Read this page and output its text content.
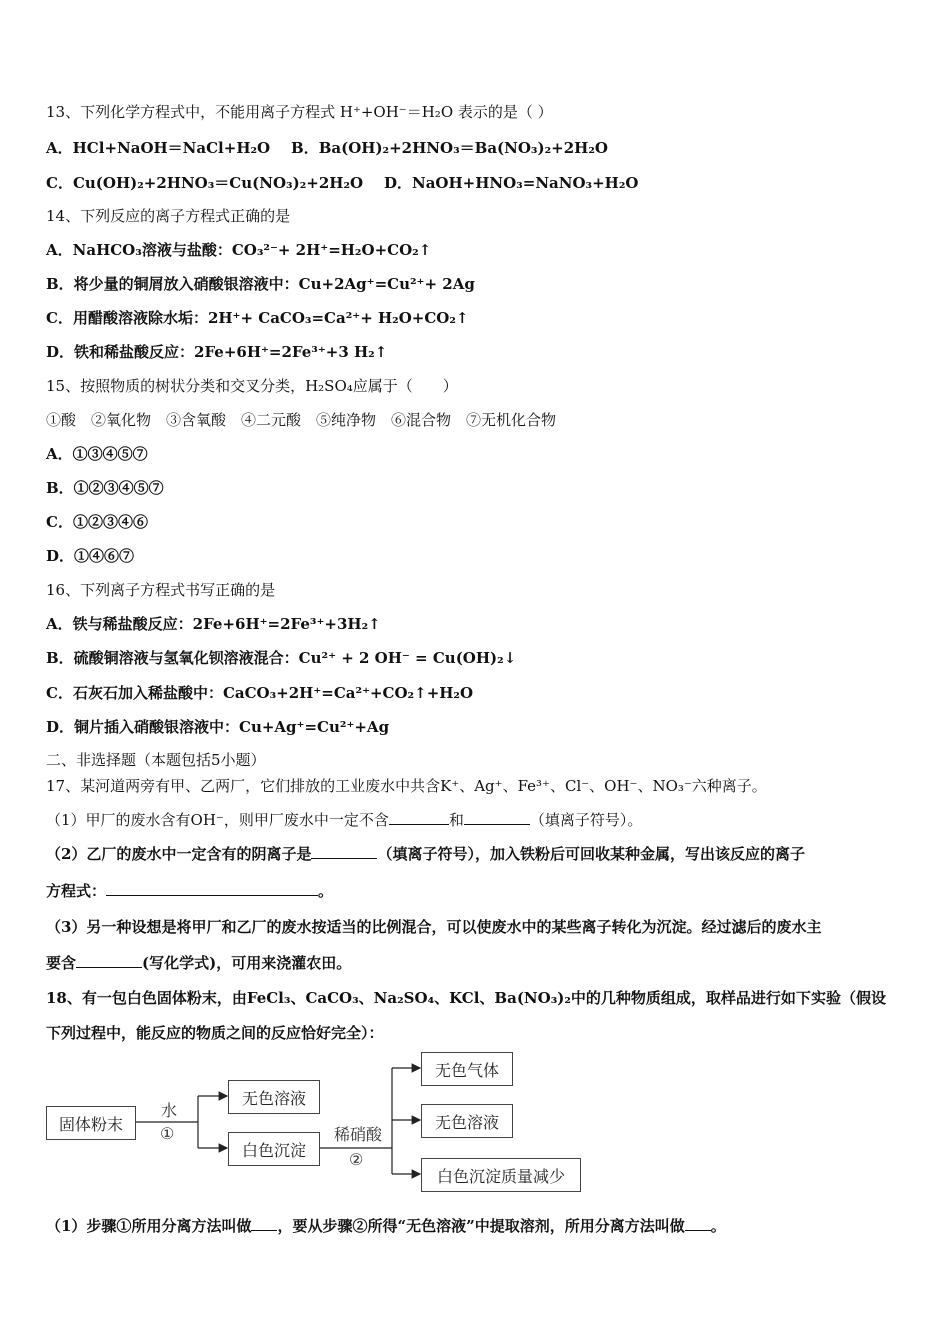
13、下列化学方程式中，不能用离子方程式 H⁺+OH⁻＝H₂O 表示的是（ ）
A．HCl+NaOH＝NaCl+H₂O B．Ba(OH)₂+2HNO₃＝Ba(NO₃)₂+2H₂O
C．Cu(OH)₂+2HNO₃＝Cu(NO₃)₂+2H₂O D．NaOH+HNO₃=NaNO₃+H₂O
14、下列反应的离子方程式正确的是
A．NaHCO₃溶液与盐酸：CO₃²⁻+ 2H⁺=H₂O+CO₂↑
B．将少量的铜屑放入硝酸银溶液中：Cu+2Ag⁺=Cu²⁺+ 2Ag
C．用醋酸溶液除水垢：2H⁺+ CaCO₃=Ca²⁺+ H₂O+CO₂↑
D．铁和稀盐酸反应：2Fe+6H⁺=2Fe³⁺+3 H₂↑
15、按照物质的树状分类和交叉分类，H₂SO₄应属于（　　）
①酸　②氧化物　③含氧酸　④二元酸　⑤纯净物　⑥混合物　⑦无机化合物
A．①③④⑤⑦
B．①②③④⑤⑦
C．①②③④⑥
D．①④⑥⑦
16、下列离子方程式书写正确的是
A．铁与稀盐酸反应：2Fe+6H⁺=2Fe³⁺+3H₂↑
B．硫酸铜溶液与氢氧化钡溶液混合：Cu²⁺ + 2 OH⁻ = Cu(OH)₂↓
C．石灰石加入稀盐酸中：CaCO₃+2H⁺=Ca²⁺+CO₂↑+H₂O
D．铜片插入硝酸银溶液中：Cu+Ag⁺=Cu²⁺+Ag
二、非选择题（本题包括5小题）
17、某河道两旁有甲、乙两厂，它们排放的工业废水中共含K⁺、Ag⁺、Fe³⁺、Cl⁻、OH⁻、NO₃⁻六种离子。
（1）甲厂的废水含有OH⁻，则甲厂废水中一定不含	和	（填离子符号）。
（2）乙厂的废水中一定含有的阴离子是	（填离子符号），加入铁粉后可回收某种金属，写出该反应的离子
方程式：	。
（3）另一种设想是将甲厂和乙厂的废水按适当的比例混合，可以使废水中的某些离子转化为沉淀。经过滤后的废水主
要含	(写化学式)，可用来浇灌农田。
18、有一包白色固体粉末，由FeCl₃、CaCO₃、Na₂SO₄、KCl、Ba(NO₃)₂中的几种物质组成，取样品进行如下实验（假设
下列过程中，能反应的物质之间的反应恰好完全）：
固体粉末
水
①
无色溶液
白色沉淀
稀硝酸
②
无色气体
无色溶液
白色沉淀质量减少
（1）步骤①所用分离方法叫做 ，要从步骤②所得“无色溶液”中提取溶剂，所用分离方法叫做 。
